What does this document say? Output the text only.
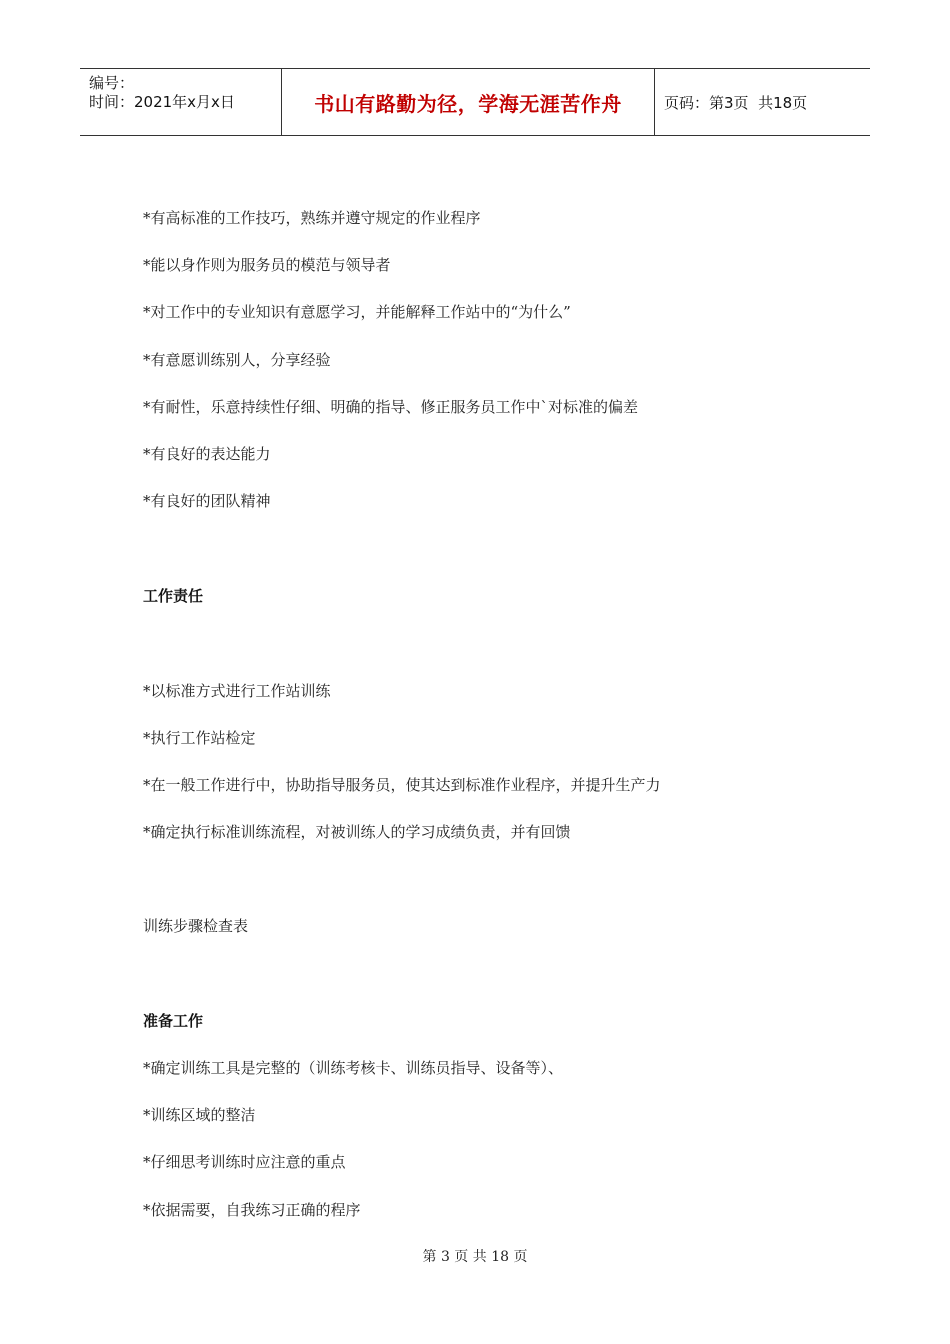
编号：
时间：2021年x月x日	书山有路勤为径，学海无涯苦作舟	页码：第3页  共18页
*有高标准的工作技巧，熟练并遵守规定的作业程序
*能以身作则为服务员的模范与领导者
*对工作中的专业知识有意愿学习，并能解释工作站中的“为什么”
*有意愿训练别人，分享经验
*有耐性，乐意持续性仔细、明确的指导、修正服务员工作中`对标准的偏差
*有良好的表达能力
*有良好的团队精神
工作责任
*以标准方式进行工作站训练
*执行工作站检定
*在一般工作进行中，协助指导服务员，使其达到标准作业程序，并提升生产力
*确定执行标准训练流程，对被训练人的学习成绩负责，并有回馈
训练步骤检查表
准备工作
*确定训练工具是完整的（训练考核卡、训练员指导、设备等）、
*训练区域的整洁
*仔细思考训练时应注意的重点
*依据需要，自我练习正确的程序
第 3 页 共 18 页
